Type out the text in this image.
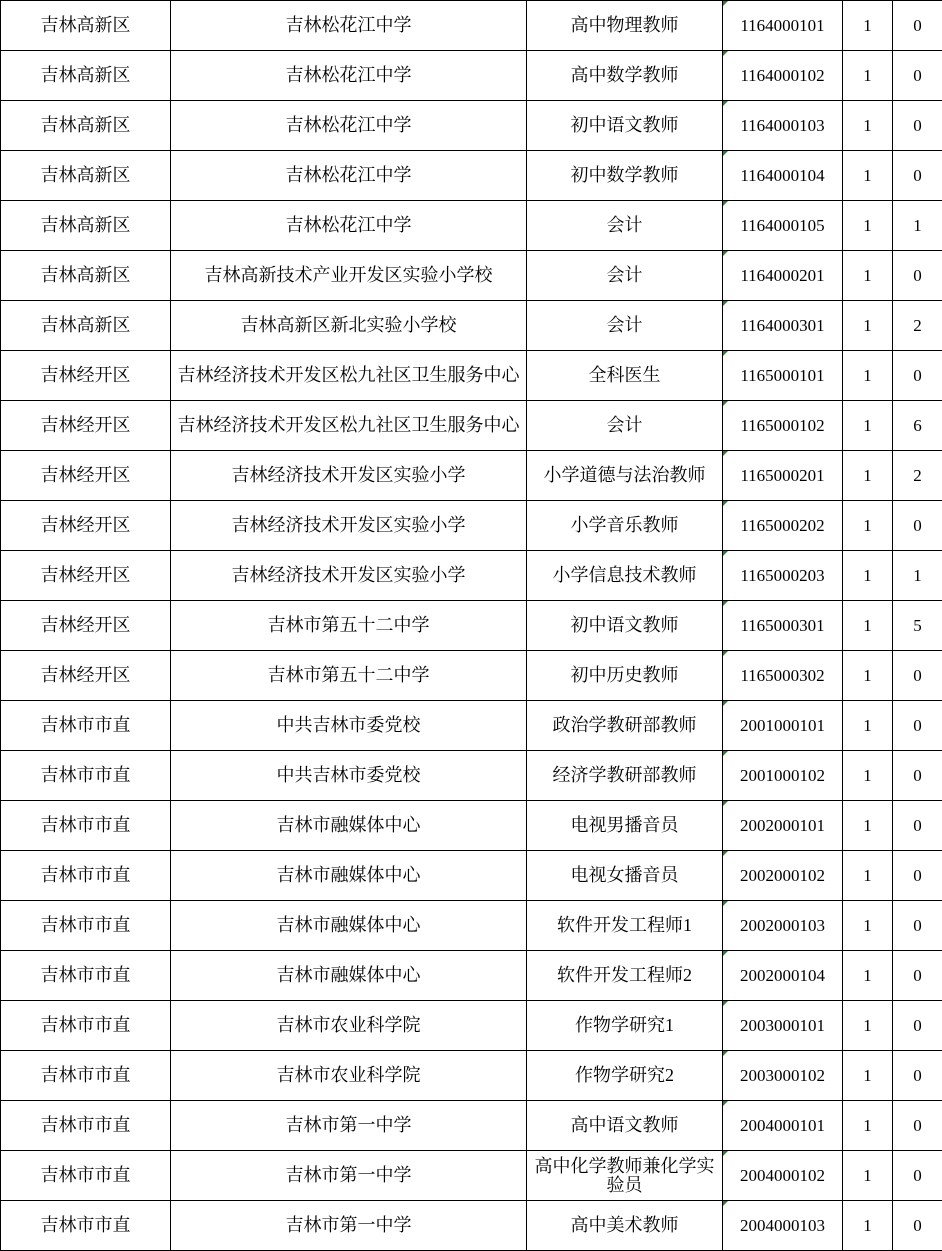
吉林高新区	吉林松花江中学	高中物理教师	1164000101	1	0
吉林高新区	吉林松花江中学	高中数学教师	1164000102	1	0
吉林高新区	吉林松花江中学	初中语文教师	1164000103	1	0
吉林高新区	吉林松花江中学	初中数学教师	1164000104	1	0
吉林高新区	吉林松花江中学	会计	1164000105	1	1
吉林高新区	吉林高新技术产业开发区实验小学校	会计	1164000201	1	0
吉林高新区	吉林高新区新北实验小学校	会计	1164000301	1	2
吉林经开区	吉林经济技术开发区松九社区卫生服务中心	全科医生	1165000101	1	0
吉林经开区	吉林经济技术开发区松九社区卫生服务中心	会计	1165000102	1	6
吉林经开区	吉林经济技术开发区实验小学	小学道德与法治教师	1165000201	1	2
吉林经开区	吉林经济技术开发区实验小学	小学音乐教师	1165000202	1	0
吉林经开区	吉林经济技术开发区实验小学	小学信息技术教师	1165000203	1	1
吉林经开区	吉林市第五十二中学	初中语文教师	1165000301	1	5
吉林经开区	吉林市第五十二中学	初中历史教师	1165000302	1	0
吉林市市直	中共吉林市委党校	政治学教研部教师	2001000101	1	0
吉林市市直	中共吉林市委党校	经济学教研部教师	2001000102	1	0
吉林市市直	吉林市融媒体中心	电视男播音员	2002000101	1	0
吉林市市直	吉林市融媒体中心	电视女播音员	2002000102	1	0
吉林市市直	吉林市融媒体中心	软件开发工程师1	2002000103	1	0
吉林市市直	吉林市融媒体中心	软件开发工程师2	2002000104	1	0
吉林市市直	吉林市农业科学院	作物学研究1	2003000101	1	0
吉林市市直	吉林市农业科学院	作物学研究2	2003000102	1	0
吉林市市直	吉林市第一中学	高中语文教师	2004000101	1	0
吉林市市直	吉林市第一中学	高中化学教师兼化学实验员	2004000102	1	0
吉林市市直	吉林市第一中学	高中美术教师	2004000103	1	0
